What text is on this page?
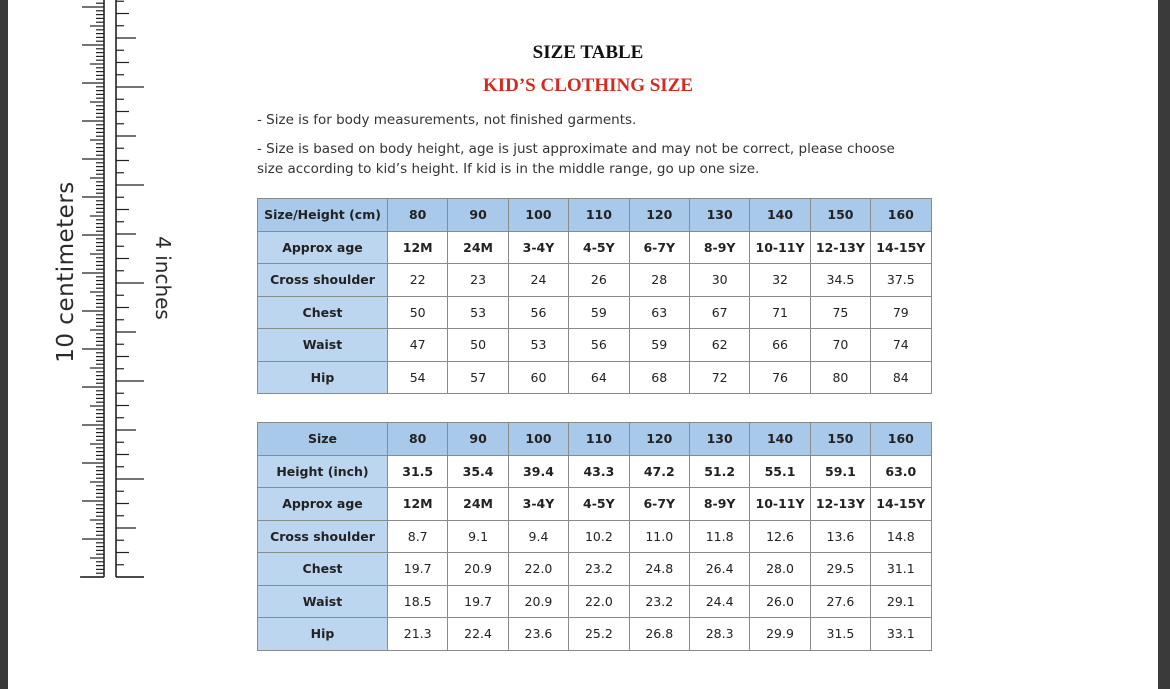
10 centimeters	4 inches
SIZE TABLE
KID’S CLOTHING SIZE

- Size is for body measurements, not finished garments.

- Size is based on body height, age is just approximate and may not be correct, please choose size according to kid’s height. If kid is in the middle range, go up one size.

Size/Height (cm)	80	90	100	110	120	130	140	150	160
Approx age	12M	24M	3-4Y	4-5Y	6-7Y	8-9Y	10-11Y	12-13Y	14-15Y
Cross shoulder	22	23	24	26	28	30	32	34.5	37.5
Chest	50	53	56	59	63	67	71	75	79
Waist	47	50	53	56	59	62	66	70	74
Hip	54	57	60	64	68	72	76	80	84
Size	80	90	100	110	120	130	140	150	160
Height (inch)	31.5	35.4	39.4	43.3	47.2	51.2	55.1	59.1	63.0
Approx age	12M	24M	3-4Y	4-5Y	6-7Y	8-9Y	10-11Y	12-13Y	14-15Y
Cross shoulder	8.7	9.1	9.4	10.2	11.0	11.8	12.6	13.6	14.8
Chest	19.7	20.9	22.0	23.2	24.8	26.4	28.0	29.5	31.1
Waist	18.5	19.7	20.9	22.0	23.2	24.4	26.0	27.6	29.1
Hip	21.3	22.4	23.6	25.2	26.8	28.3	29.9	31.5	33.1
